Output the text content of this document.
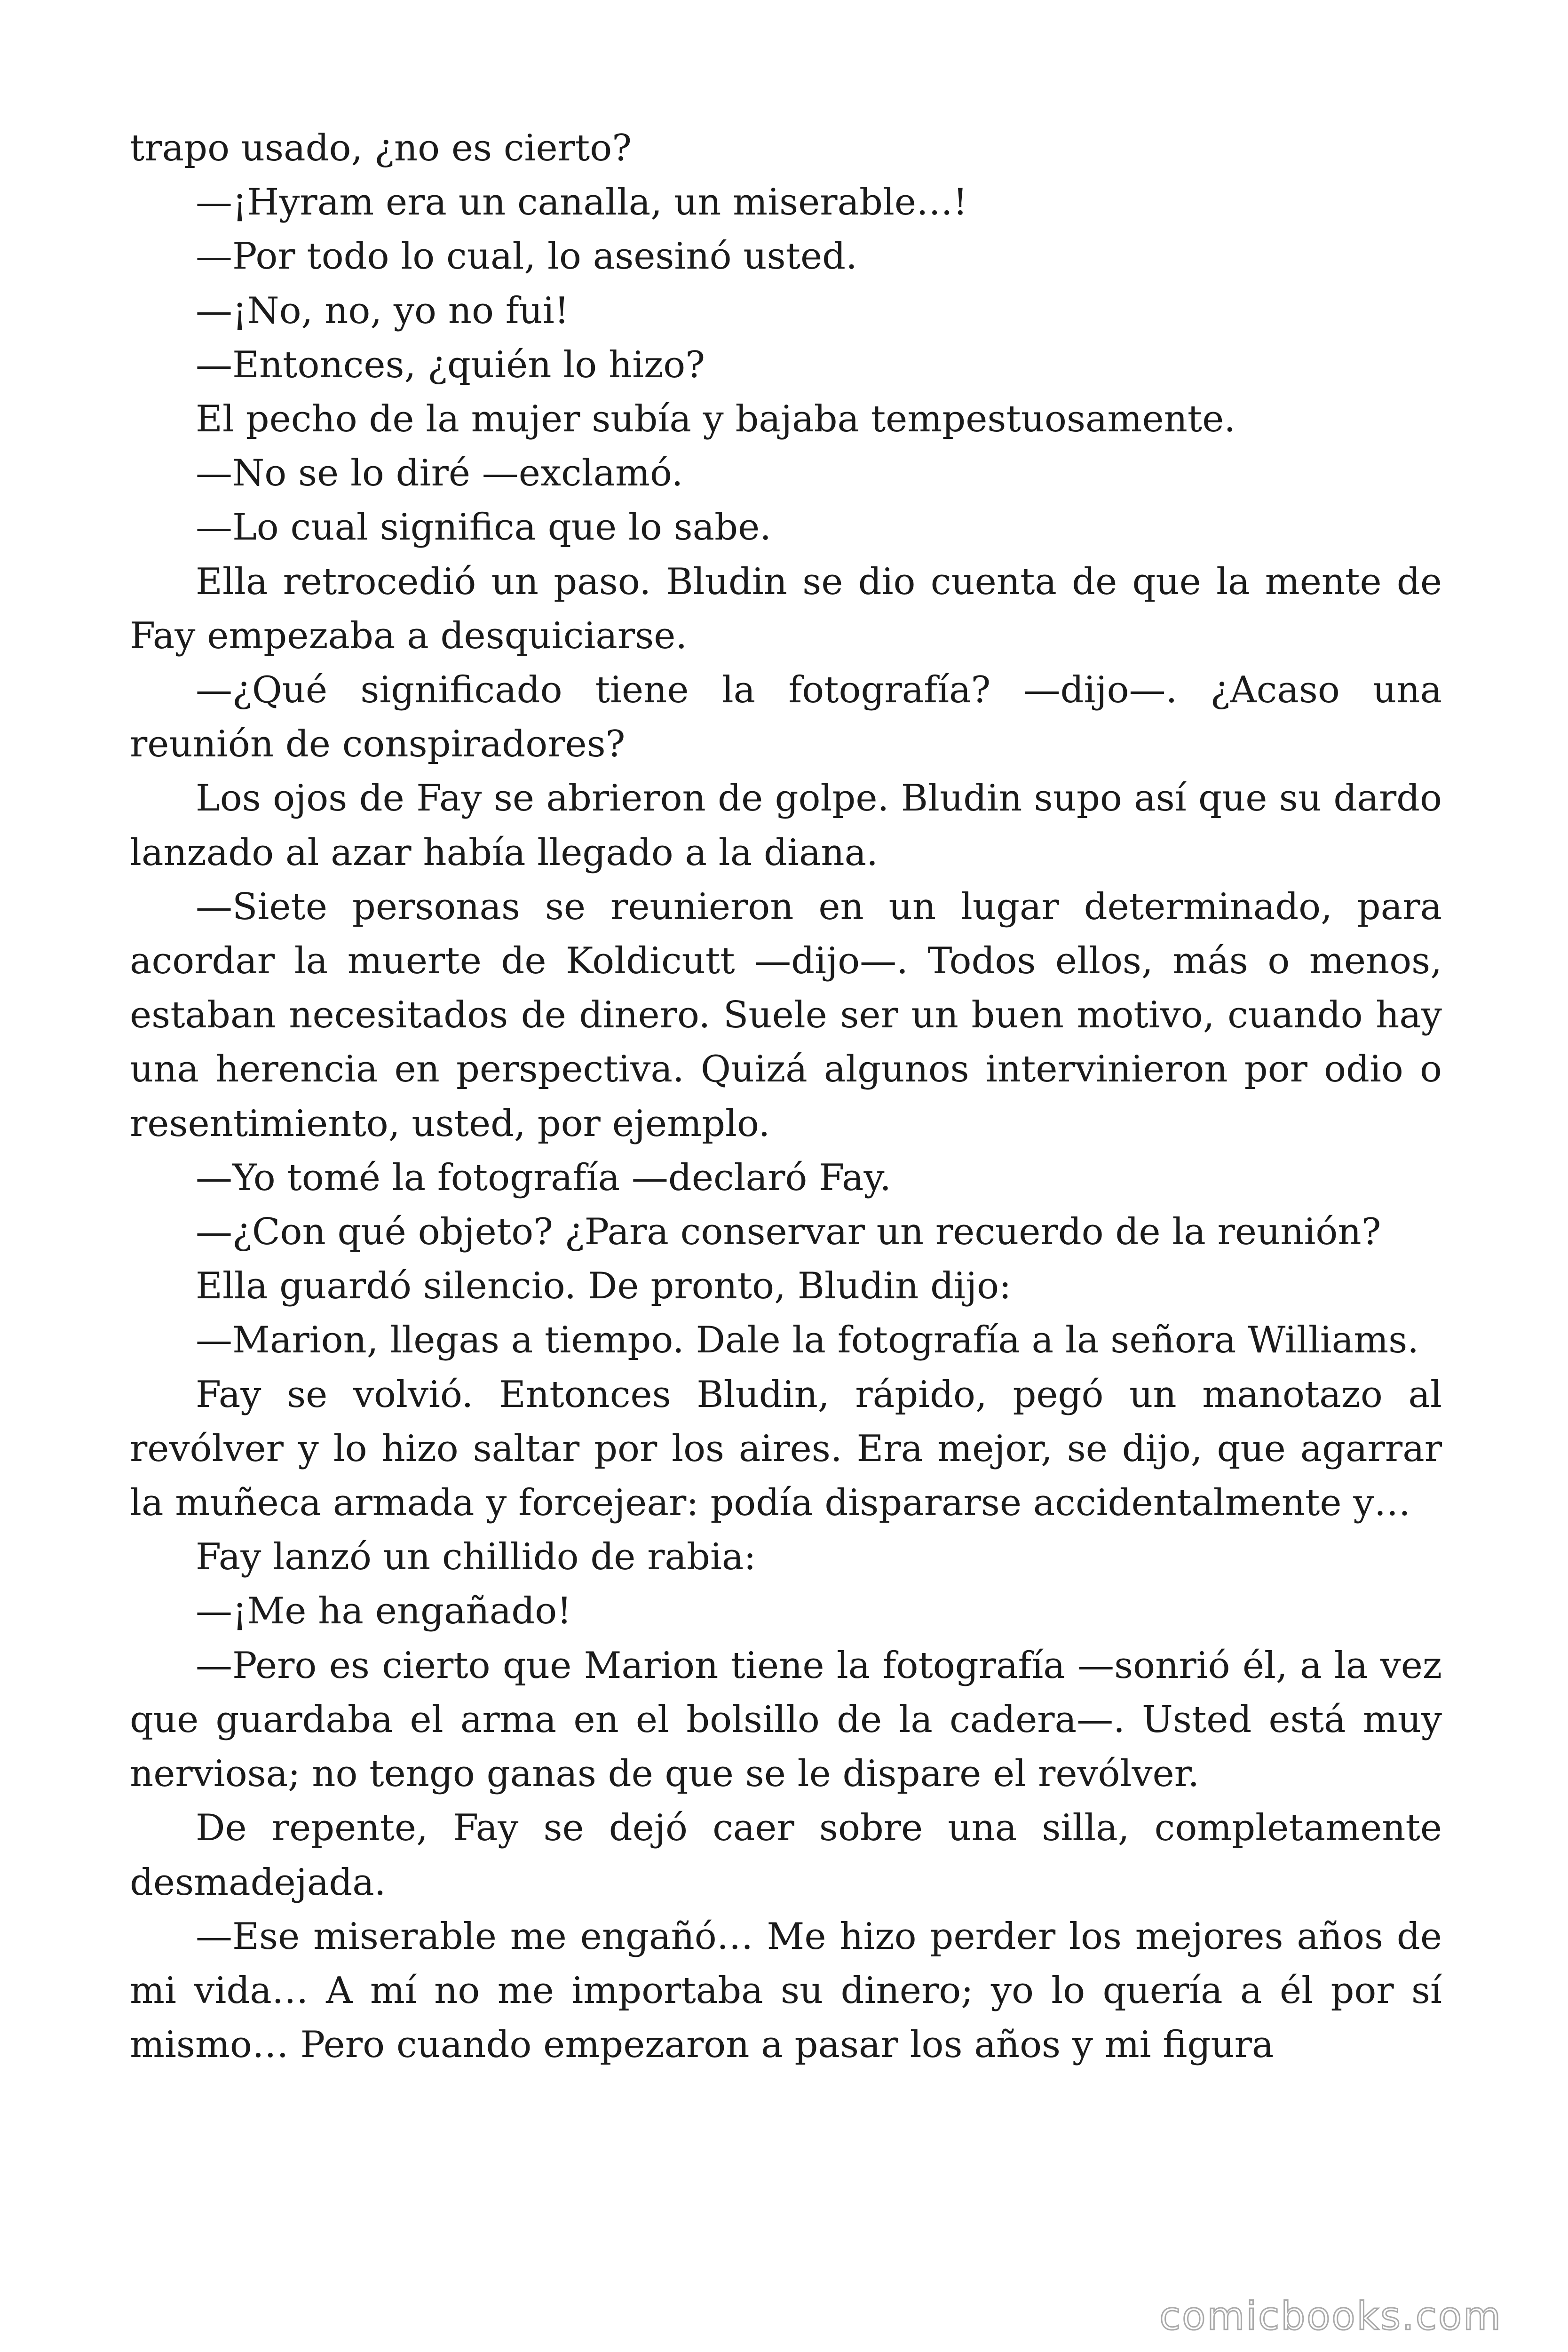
trapo usado, ¿no es cierto?

—¡Hyram era un canalla, un miserable…!

—Por todo lo cual, lo asesinó usted.

—¡No, no, yo no fui!

—Entonces, ¿quién lo hizo?

El pecho de la mujer subía y bajaba tempestuosamente.

—No se lo diré —exclamó.

—Lo cual significa que lo sabe.

Ella retrocedió un paso. Bludin se dio cuenta de que la mente de Fay empezaba a desquiciarse.

—¿Qué significado tiene la fotografía? —dijo—. ¿Acaso una reunión de conspiradores?

Los ojos de Fay se abrieron de golpe. Bludin supo así que su dardo lanzado al azar había llegado a la diana.

—Siete personas se reunieron en un lugar determinado, para acordar la muerte de Koldicutt —dijo—. Todos ellos, más o menos, estaban necesitados de dinero. Suele ser un buen motivo, cuando hay una herencia en perspectiva. Quizá algunos intervinieron por odio o resentimiento, usted, por ejemplo.

—Yo tomé la fotografía —declaró Fay.

—¿Con qué objeto? ¿Para conservar un recuerdo de la reunión?

Ella guardó silencio. De pronto, Bludin dijo:

—Marion, llegas a tiempo. Dale la fotografía a la señora Williams.

Fay se volvió. Entonces Bludin, rápido, pegó un manotazo al revólver y lo hizo saltar por los aires. Era mejor, se dijo, que agarrar la muñeca armada y forcejear: podía dispararse accidentalmente y…

Fay lanzó un chillido de rabia:

—¡Me ha engañado!

—Pero es cierto que Marion tiene la fotografía —sonrió él, a la vez que guardaba el arma en el bolsillo de la cadera—. Usted está muy nerviosa; no tengo ganas de que se le dispare el revólver.

De repente, Fay se dejó caer sobre una silla, completamente desmadejada.

—Ese miserable me engañó… Me hizo perder los mejores años de mi vida… A mí no me importaba su dinero; yo lo quería a él por sí mismo… Pero cuando empezaron a pasar los años y mi figura

comicbooks.com
